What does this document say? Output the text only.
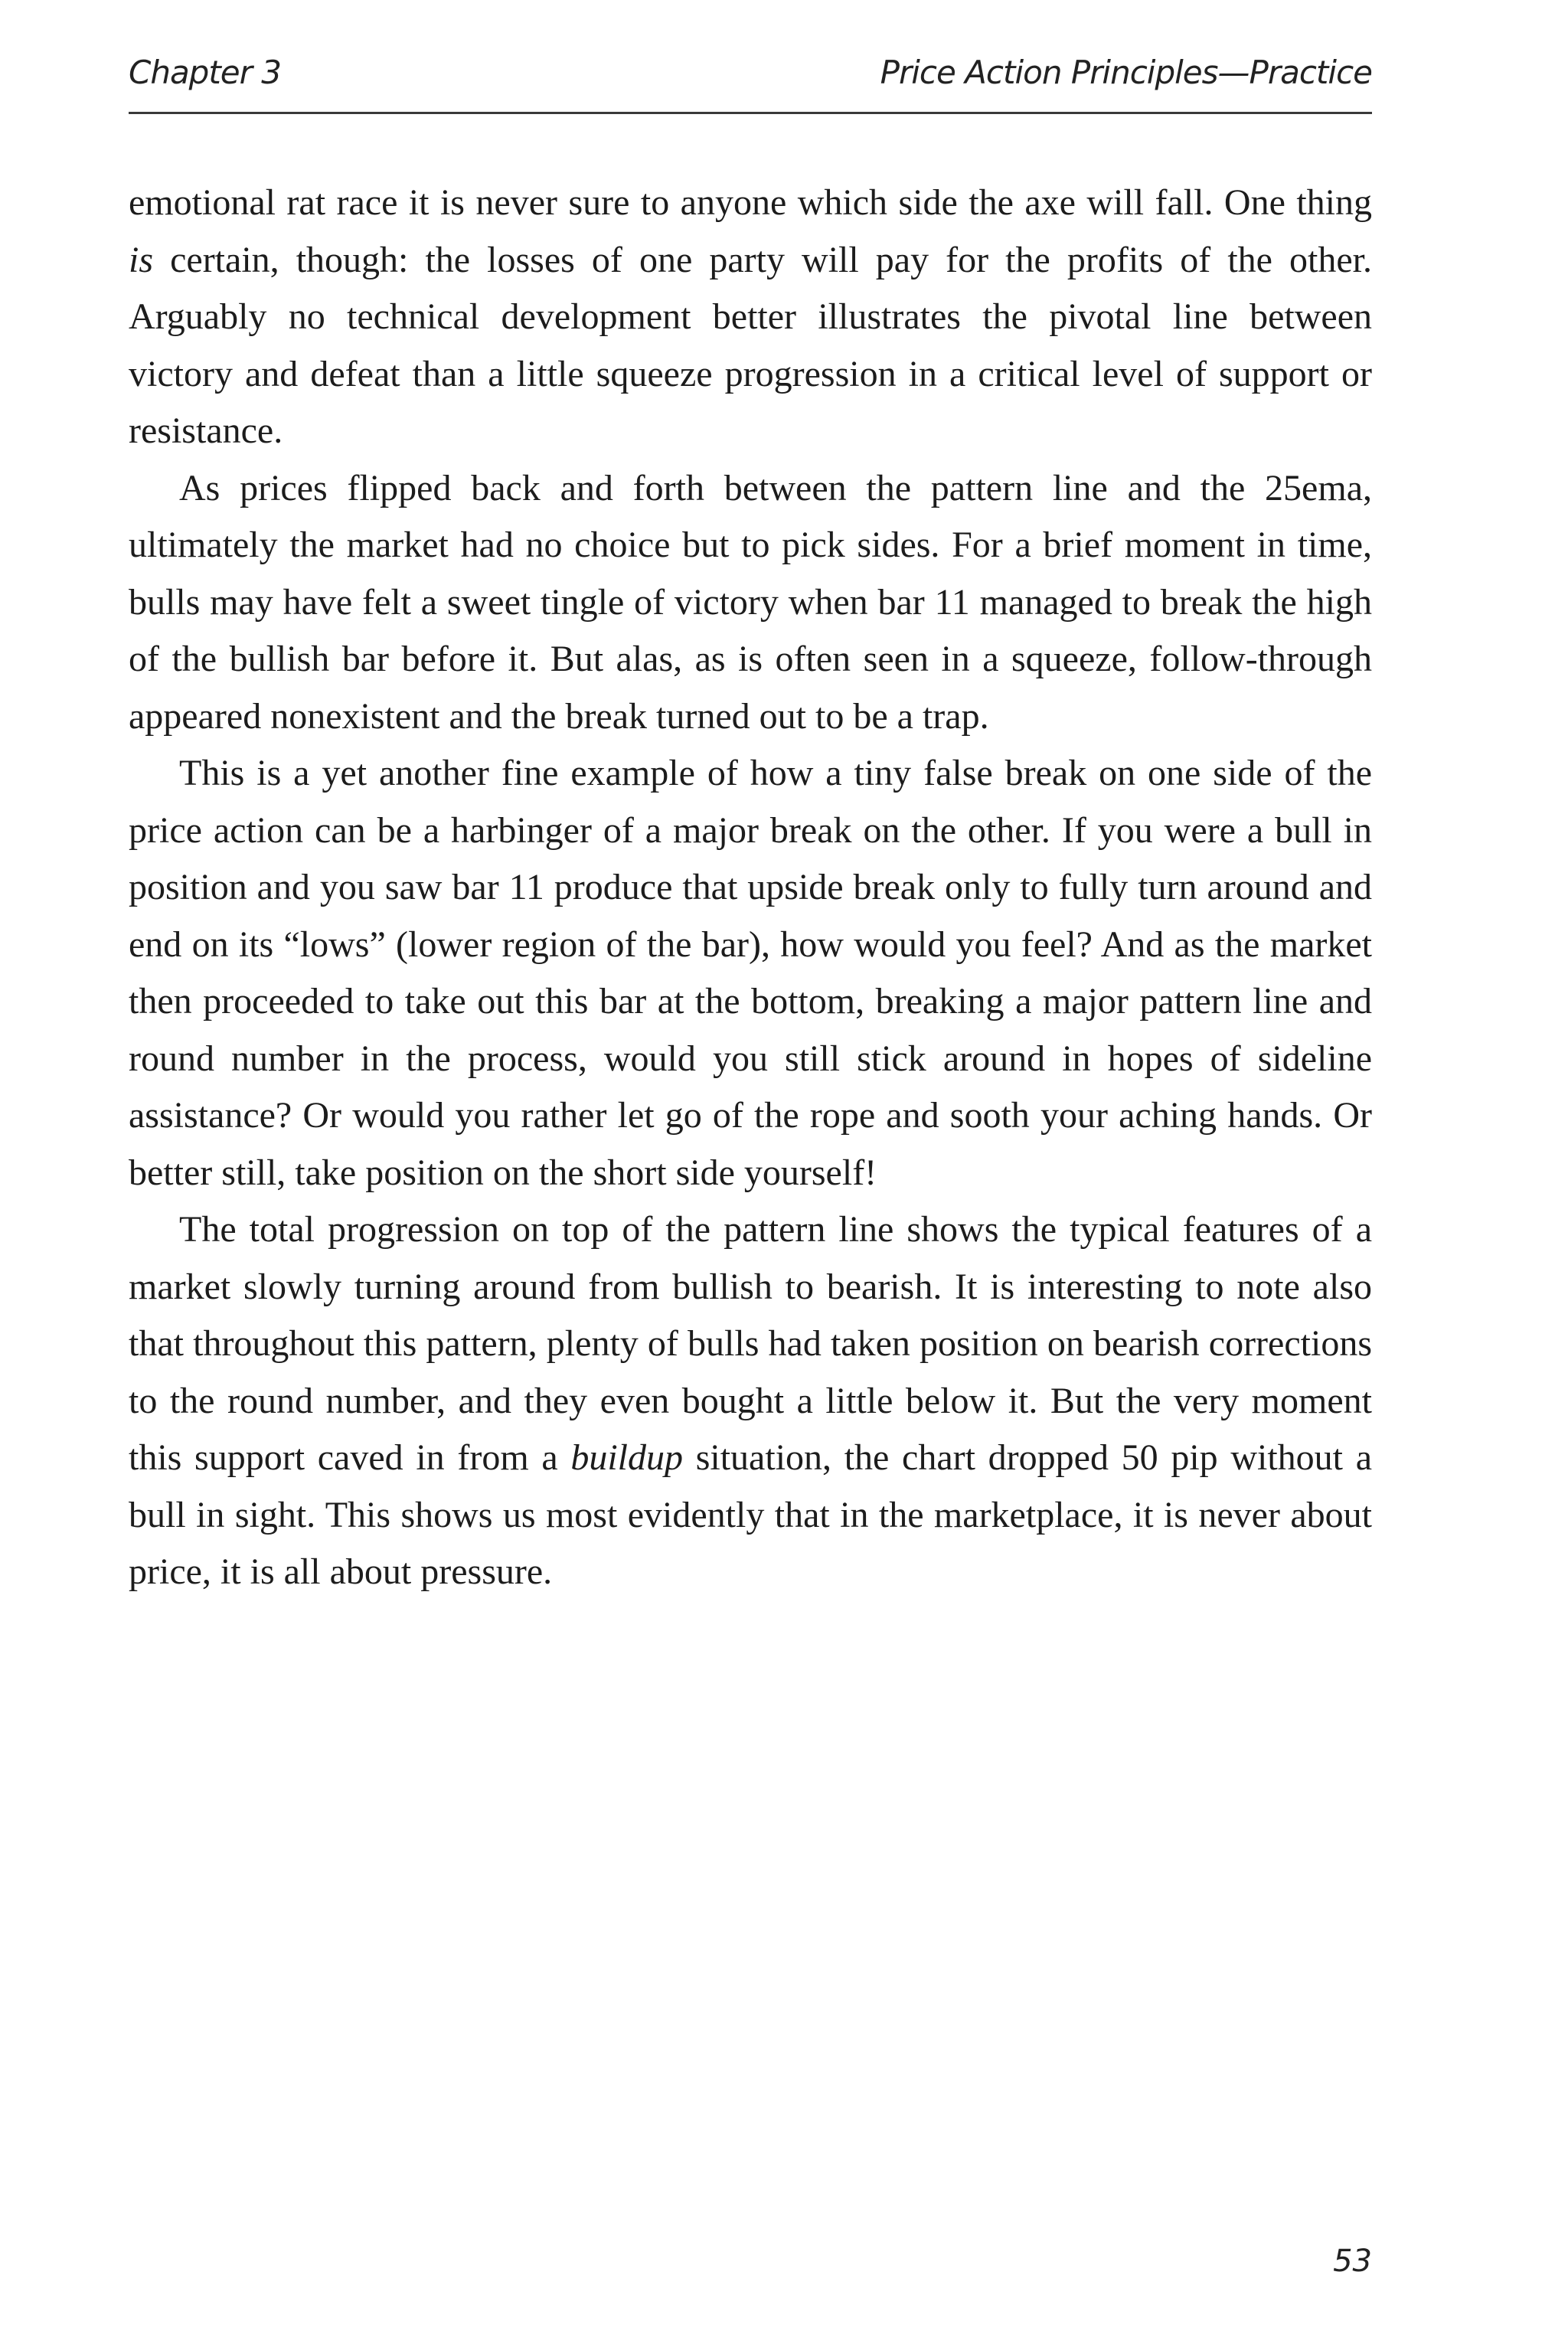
Chapter 3	Price Action Principles—Practice

emotional rat race it is never sure to anyone which side the axe will fall. One thing is certain, though: the losses of one party will pay for the profits of the other. Arguably no technical development better illustrates the pivotal line between victory and defeat than a little squeeze progression in a critical level of support or resistance.

As prices flipped back and forth between the pattern line and the 25ema, ultimately the market had no choice but to pick sides. For a brief moment in time, bulls may have felt a sweet tingle of victory when bar 11 managed to break the high of the bullish bar before it. But alas, as is often seen in a squeeze, follow-through appeared nonexistent and the break turned out to be a trap.

This is a yet another fine example of how a tiny false break on one side of the price action can be a harbinger of a major break on the other. If you were a bull in position and you saw bar 11 produce that upside break only to fully turn around and end on its “lows” (lower region of the bar), how would you feel? And as the market then proceeded to take out this bar at the bottom, breaking a major pattern line and round number in the process, would you still stick around in hopes of sideline assistance? Or would you rather let go of the rope and sooth your aching hands. Or better still, take position on the short side yourself!

The total progression on top of the pattern line shows the typical features of a market slowly turning around from bullish to bearish. It is interesting to note also that throughout this pattern, plenty of bulls had taken position on bearish corrections to the round number, and they even bought a little below it. But the very moment this support caved in from a buildup situation, the chart dropped 50 pip without a bull in sight. This shows us most evidently that in the marketplace, it is never about price, it is all about pressure.

53
